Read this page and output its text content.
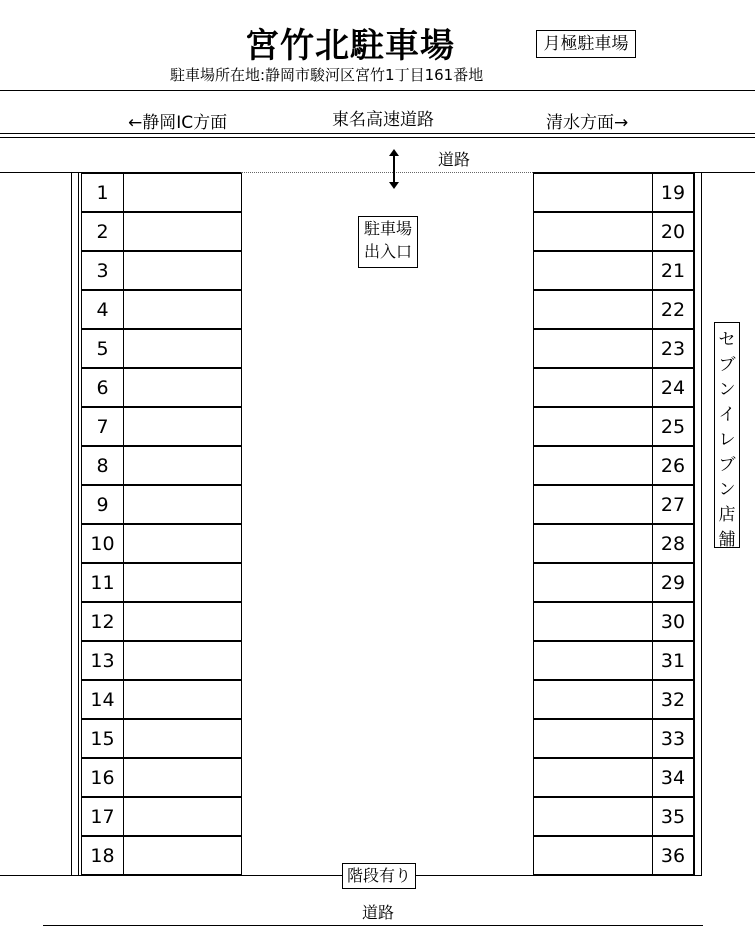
宮竹北駐車場	月極駐車場
駐車場所在地:静岡市駿河区宮竹1丁目161番地
←静岡IC方面	東名高速道路	清水方面→
道路
駐車場
出入口
1
2
3
4
5
6
7
8
9
10
11
12
13
14
15
16
17
18
19
20
21
22
23
24
25
26
27
28
29
30
31
32
33
34
35
36
セ
ブ
ン
イ
レ
ブ
ン
店
舗
階段有り
道路
